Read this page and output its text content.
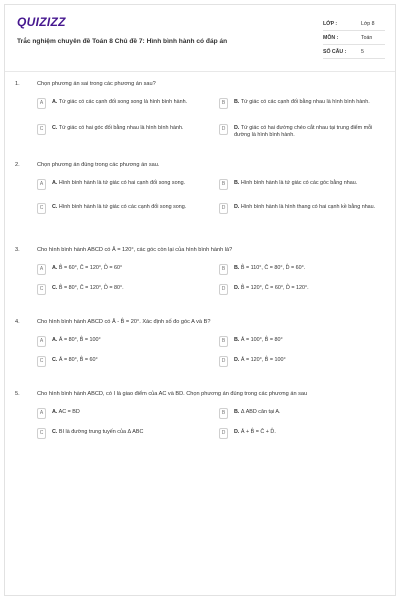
QUIZIZZ
Trắc nghiệm chuyên đề Toán 8 Chủ đề 7: Hình bình hành có đáp án
LỚP :	Lớp 8
MÔN :	Toán
SỐ CÂU :	5
1.	Chọn phương án sai trong các phương án sau?
A	A. Tứ giác có các cạnh đối song song là hình bình hành.	B	B. Tứ giác có các cạnh đối bằng nhau là hình bình hành.
C	C. Tứ giác có hai góc đối bằng nhau là hình bình hành.	D	D. Tứ giác có hai đường chéo cắt nhau tại trung điểm mỗi đường là hình bình hành.
2.	Chọn phương án đúng trong các phương án sau.
A	A. Hình bình hành là tứ giác có hai cạnh đối song song.	B	B. Hình bình hành là tứ giác có các góc bằng nhau.
C	C. Hình bình hành là tứ giác có các cạnh đối song song.	D	D. Hình bình hành là hình thang có hai cạnh kề bằng nhau.
3.	Cho hình bình hành ABCD có Â = 120°, các góc còn lại của hình bình hành là?
A	A. B̂ = 60°, Ĉ = 120°, D̂ = 60°	B	B. B̂ = 110°, Ĉ = 80°, D̂ = 60°.
C	C. B̂ = 80°, Ĉ = 120°, D̂ = 80°.	D	D. B̂ = 120°, Ĉ = 60°, D̂ = 120°.
4.	Cho hình bình hành ABCD có Â - B̂ = 20°. Xác định số đo góc A và B?
A	A. Â = 80°, B̂ = 100°	B	B. Â = 100°, B̂ = 80°
C	C. Â = 80°, B̂ = 60°	D	D. Â = 120°, B̂ = 100°
5.	Cho hình bình hành ABCD, có I là giao điểm của AC và BD. Chọn phương án đúng trong các phương án sau
A	A. AC = BD	B	B. Δ ABD cân tại A.
C	C. BI là đường trung tuyến của Δ ABC	D	D. Â + B̂ = Ĉ + D̂.
